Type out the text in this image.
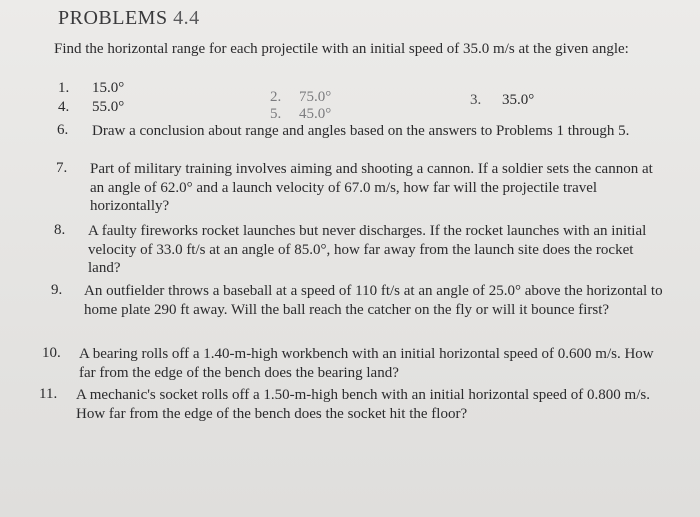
PROBLEMS 4.4
Find the horizontal range for each projectile with an initial speed of 35.0 m/s at the given angle:
1. 15.0°
2. 75.0°	3. 35.0°
4. 55.0°	5. 45.0°
6. Draw a conclusion about range and angles based on the answers to Problems 1 through 5.
7. Part of military training involves aiming and shooting a cannon. If a soldier sets the cannon at an angle of 62.0° and a launch velocity of 67.0 m/s, how far will the projectile travel horizontally?
8. A faulty fireworks rocket launches but never discharges. If the rocket launches with an initial velocity of 33.0 ft/s at an angle of 85.0°, how far away from the launch site does the rocket land?
9. An outfielder throws a baseball at a speed of 110 ft/s at an angle of 25.0° above the horizontal to home plate 290 ft away. Will the ball reach the catcher on the fly or will it bounce first?
10. A bearing rolls off a 1.40-m-high workbench with an initial horizontal speed of 0.600 m/s. How far from the edge of the bench does the bearing land?
11. A mechanic's socket rolls off a 1.50-m-high bench with an initial horizontal speed of 0.800 m/s. How far from the edge of the bench does the socket hit the floor?
